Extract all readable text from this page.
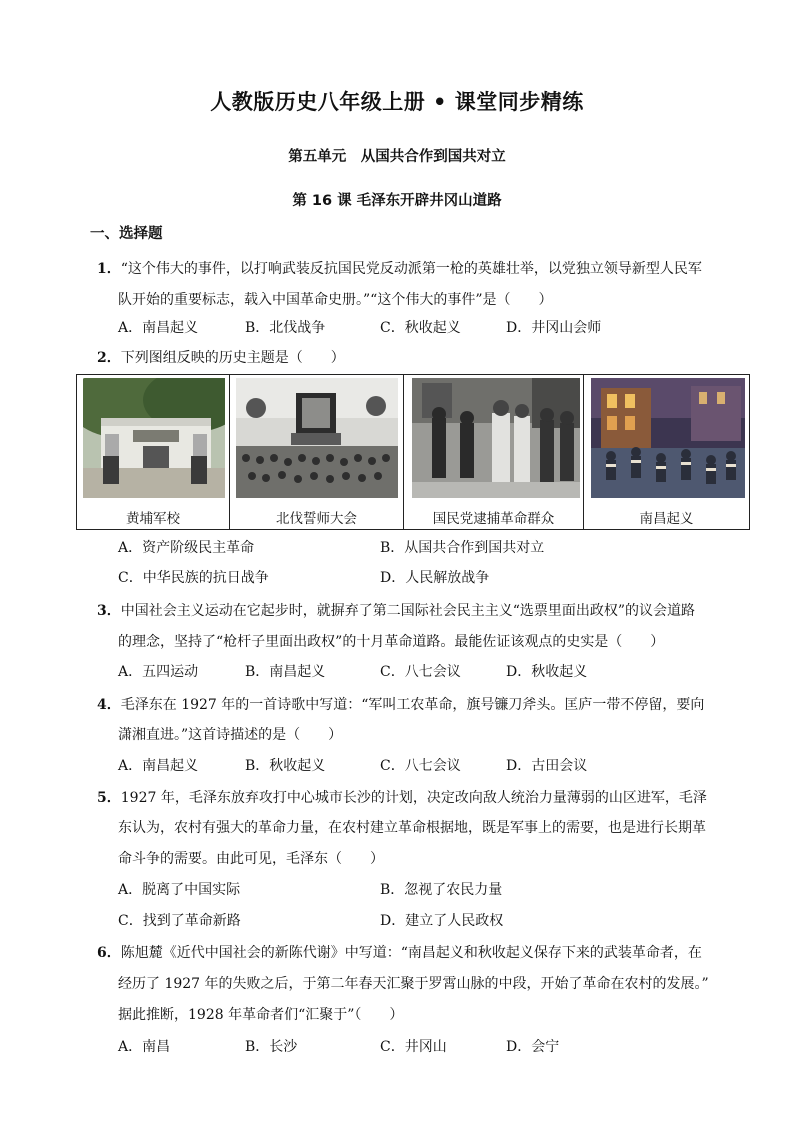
人教版历史八年级上册 • 课堂同步精练
第五单元　从国共合作到国共对立
第 16 课 毛泽东开辟井冈山道路
一、选择题
1．“这个伟大的事件，以打响武装反抗国民党反动派第一枪的英雄壮举，以党独立领导新型人民军
队开始的重要标志，载入中国革命史册。”“这个伟大的事件”是（　　）
A．南昌起义	B．北伐战争	C．秋收起义	D．井冈山会师
2．下列图组反映的历史主题是（　　）
黄埔军校	北伐誓师大会	国民党逮捕革命群众	南昌起义
A．资产阶级民主革命	B．从国共合作到国共对立
C．中华民族的抗日战争	D．人民解放战争
3．中国社会主义运动在它起步时，就摒弃了第二国际社会民主主义“选票里面出政权”的议会道路
的理念，坚持了“枪杆子里面出政权”的十月革命道路。最能佐证该观点的史实是（　　）
A．五四运动	B．南昌起义	C．八七会议	D．秋收起义
4．毛泽东在 1927 年的一首诗歌中写道：“军叫工农革命，旗号镰刀斧头。匡庐一带不停留，要向
潇湘直进。”这首诗描述的是（　　）
A．南昌起义	B．秋收起义	C．八七会议	D．古田会议
5．1927 年，毛泽东放弃攻打中心城市长沙的计划，决定改向敌人统治力量薄弱的山区进军，毛泽
东认为，农村有强大的革命力量，在农村建立革命根据地，既是军事上的需要，也是进行长期革
命斗争的需要。由此可见，毛泽东（　　）
A．脱离了中国实际	B．忽视了农民力量
C．找到了革命新路	D．建立了人民政权
6．陈旭麓《近代中国社会的新陈代谢》中写道：“南昌起义和秋收起义保存下来的武装革命者，在
经历了 1927 年的失败之后，于第二年春天汇聚于罗霄山脉的中段，开始了革命在农村的发展。”
据此推断，1928 年革命者们“汇聚于”（　　）
A．南昌	B．长沙	C．井冈山	D．会宁
